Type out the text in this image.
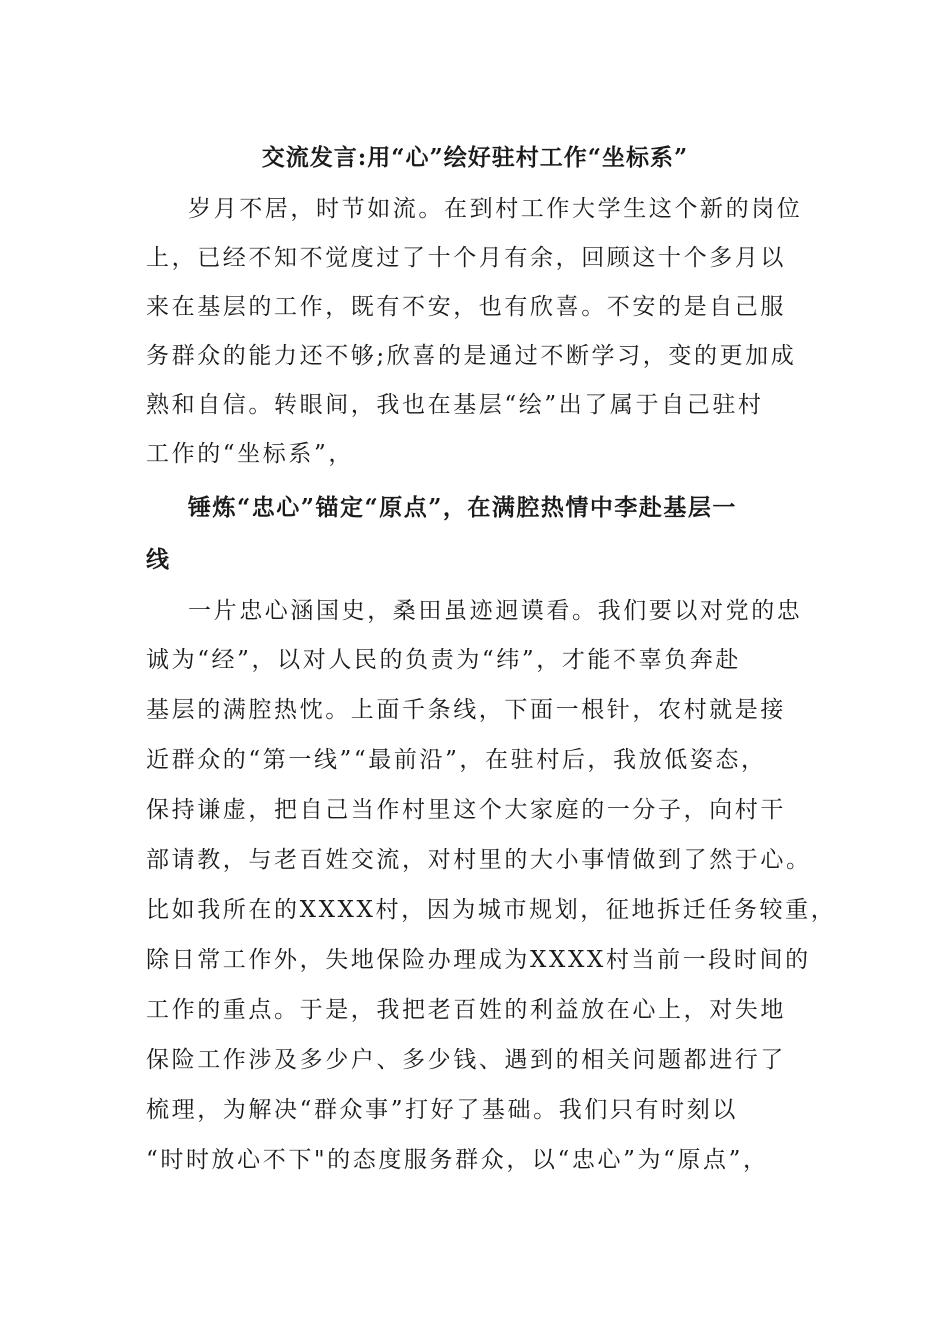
交流发言:用“心”绘好驻村工作“坐标系”
岁月不居，时节如流。在到村工作大学生这个新的岗位
上，已经不知不觉度过了十个月有余，回顾这十个多月以
来在基层的工作，既有不安，也有欣喜。不安的是自己服
务群众的能力还不够;欣喜的是通过不断学习，变的更加成
熟和自信。转眼间，我也在基层“绘”出了属于自己驻村
工作的“坐标系”，
锤炼“忠心”锚定“原点”，在满腔热情中李赴基层一
线
一片忠心涵国史，桑田虽迹迥谟看。我们要以对党的忠
诚为“经”，以对人民的负责为“纬”，才能不辜负奔赴
基层的满腔热忱。上面千条线，下面一根针，农村就是接
近群众的“第一线”“最前沿”，在驻村后，我放低姿态，
保持谦虚，把自己当作村里这个大家庭的一分子，向村干
部请教，与老百姓交流，对村里的大小事情做到了然于心。
比如我所在的XXXX村，因为城市规划，征地拆迁任务较重，
除日常工作外，失地保险办理成为XXXX村当前一段时间的
工作的重点。于是，我把老百姓的利益放在心上，对失地
保险工作涉及多少户、多少钱、遇到的相关问题都进行了
梳理，为解决“群众事”打好了基础。我们只有时刻以
“时时放心不下"的态度服务群众，以“忠心”为“原点”，
